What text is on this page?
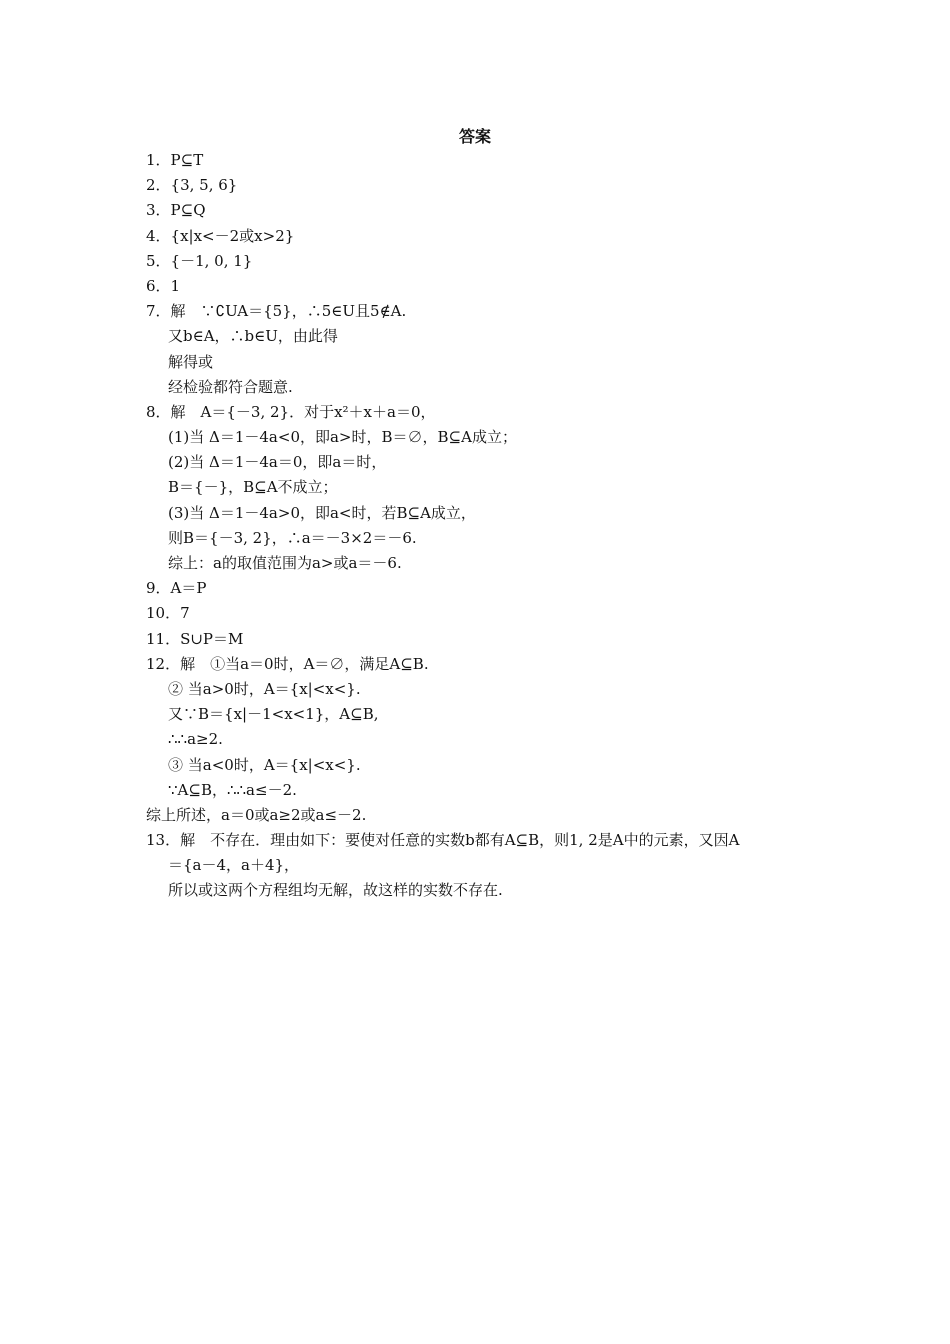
答案
1．P⊆T
2．{3, 5, 6}
3．P⊆Q
4．{x|x<－2或x>2}
5．{－1, 0, 1}
6．1
7．解　∵∁UA＝{5}，∴5∈U且5∉A.
又b∈A，∴b∈U，由此得
解得或
经检验都符合题意.
8．解　A＝{－3, 2}．对于x²＋x＋a＝0，
(1)当 Δ＝1－4a<0，即a>时，B＝∅，B⊆A成立；
(2)当 Δ＝1－4a＝0，即a＝时，
B＝{－}，B⊆A不成立；
(3)当 Δ＝1－4a>0，即a<时，若B⊆A成立，
则B＝{－3, 2}，∴a＝－3×2＝－6.
综上：a的取值范围为a>或a＝－6.
9．A＝P
10．7
11．S∪P＝M
12．解　①当a＝0时，A＝∅，满足A⊆B.
② 当a>0时，A＝{x|<x<}.
又∵B＝{x|－1<x<1}，A⊆B,
∴∴a≥2.
③ 当a<0时，A＝{x|<x<}.
∵A⊆B，∴∴a≤－2.
综上所述，a＝0或a≥2或a≤－2.
13．解　不存在．理由如下：要使对任意的实数b都有A⊆B，则1, 2是A中的元素，又因A
＝{a－4，a＋4}，
所以或这两个方程组均无解，故这样的实数不存在.
